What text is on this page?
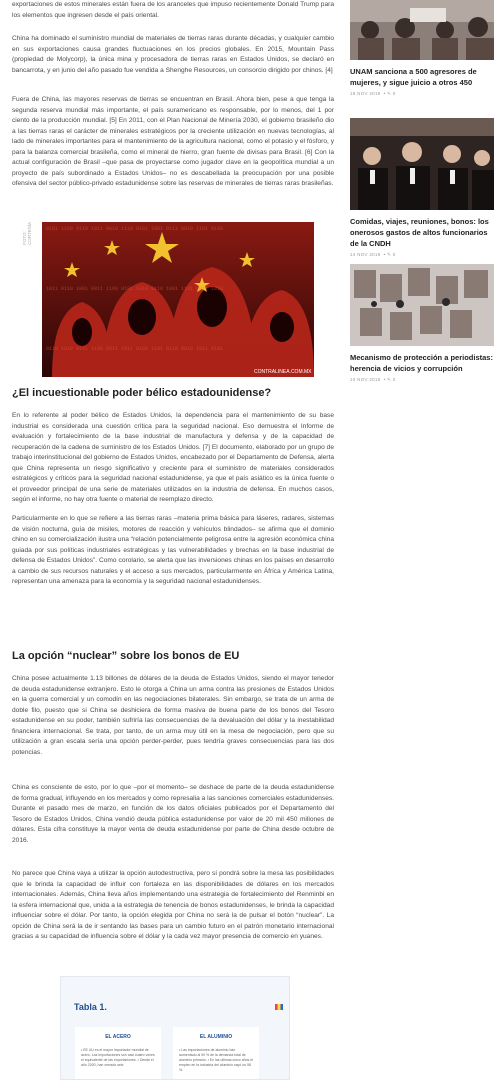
exportaciones de estos minerales están fuera de los aranceles que impuso recientemente Donald Trump para los elementos que ingresen desde el país oriental.

China ha dominado el suministro mundial de materiales de tierras raras durante décadas, y cualquier cambio en sus exportaciones causa grandes fluctuaciones en los precios globales. En 2015, Mountain Pass (propiedad de Molycorp), la única mina y procesadora de tierras raras en Estados Unidos, se declaró en bancarrota, y en junio del año pasado fue vendida a Shenghe Resources, un consorcio dirigido por chinos. [4]

Fuera de China, las mayores reservas de tierras se encuentran en Brasil. Ahora bien, pese a que tenga la segunda reserva mundial más importante, el país suramericano es responsable, por lo menos, del 1 por ciento de la producción mundial. [5] En 2011, con el Plan Nacional de Minería 2030, el gobierno brasileño dio a las tierras raras el carácter de minerales estratégicos por la creciente utilización en nuevas tecnologías, al lado de minerales importantes para el mantenimiento de la agricultura nacional, como el potasio y el fósforo, y para la balanza comercial brasileña, como el mineral de hierro, gran fuente de divisas para Brasil. [6] Con la actual configuración de Brasil –que pasa de proyectarse como jugador clave en la geopolítica mundial a un proyecto de país subordinado a Estados Unidos– no es descabellada la preocupación por una posible ofensiva del sector público-privado estadunidense sobre las reservas de minerales de tierras raras brasileñas.

0101 1100 0110 1011 0010 1110 0101 1001 0111 0010 1101 0100
1011 0110 1001 0011 1100 0101 1010 0110 1001 1101 0011 1010
0110 1010 0101 1100 0011 1011 0100 1101 0110 0010 1011 0101
CONTRALINEA.COM.MX
FOTO: CORTESÍA
¿El incuestionable poder bélico estadounidense?

En lo referente al poder bélico de Estados Unidos, la dependencia para el mantenimiento de su base industrial es considerada una cuestión crítica para la seguridad nacional. Eso demuestra el Informe de evaluación y fortalecimiento de la base industrial de manufactura y defensa y de la capacidad de recuperación de la cadena de suministro de los Estados Unidos. [7] El documento, elaborado por un grupo de trabajo interinstitucional del gobierno de Estados Unidos, encabezado por el Departamento de Defensa, alerta que China representa un riesgo significativo y creciente para el suministro de materiales considerados estratégicos y críticos para la seguridad nacional estadunidense, ya que el país asiático es la única fuente o el proveedor principal de una serie de materiales utilizados en la industria de defensa. En muchos casos, según el informe, no hay otra fuente o material de reemplazo directo.

Particularmente en lo que se refiere a las tierras raras –materia prima básica para láseres, radares, sistemas de visión nocturna, guía de misiles, motores de reacción y vehículos blindados– se afirma que el dominio chino en su comercialización ilustra una “relación potencialmente peligrosa entre la agresión económica china guiada por sus políticas industriales estratégicas y las vulnerabilidades y brechas en la base industrial de defensa de Estados Unidos”. Como corolario, se alerta que las inversiones chinas en los países en desarrollo a cambio de sus recursos naturales y el acceso a sus mercados, particularmente en África y América Latina, representan una amenaza para la economía y la seguridad nacional estadunidenses.

La opción “nuclear” sobre los bonos de EU

China posee actualmente 1.13 billones de dólares de la deuda de Estados Unidos, siendo el mayor tenedor de deuda estadunidense extranjero. Esto le otorga a China un arma contra las presiones de Estados Unidos en la guerra comercial y un comodín en las negociaciones bilaterales. Sin embargo, se trata de un arma de doble filo, puesto que si China se deshiciera de forma masiva de buena parte de los bonos del Tesoro estadunidense en su poder, también sufriría las consecuencias de la devaluación del dólar y la inestabilidad financiera internacional. Se trata, por tanto, de un arma muy útil en la mesa de negociación, pero que su utilización a gran escala sería una opción perder-perder, pues tendría graves consecuencias para las dos potencias.

China es consciente de esto, por lo que –por el momento– se deshace de parte de la deuda estadunidense de forma gradual, influyendo en los mercados y como represalia a las sanciones comerciales estadunidenses. Durante el pasado mes de marzo, en función de los datos oficiales publicados por el Departamento del Tesoro de Estados Unidos, China vendió deuda pública estadunidense por valor de 20 mil 450 millones de dólares. Esta cifra constituye la mayor venta de deuda estadunidense por parte de China desde octubre de 2016.

No parece que China vaya a utilizar la opción autodestructiva, pero sí pondrá sobre la mesa las posibilidades que le brinda la capacidad de influir con fortaleza en las disponibilidades de dólares en los mercados internacionales. Además, China lleva años implementando una estrategia de fortalecimiento del Renminbi en la esfera internacional que, unida a la estrategia de tenencia de bonos estadunidenses, le brinda la capacidad influenciar sobre el dólar. Por tanto, la opción elegida por China no será la de pulsar el botón “nuclear”. La opción de China será la de ir sentando las bases para un cambio futuro en el patrón monetario internacional gracias a su capacidad de influencia sobre el dólar y la cada vez mayor presencia de comercio en yuanes.

Tabla 1.
EL ACERO
• EE UU es el mayor importador mundial de acero. Las importaciones son casi cuatro veces el equivalente de las exportaciones. • Desde el año 2000, han cerrado seis
EL ALUMINIO
• Las importaciones de aluminio han aumentado al 90 % de la demanda total de aluminio primario. • En las últimas cinco años el empleo en la industria del aluminio cayó un 58 %.
UNAM sanciona a 500 agresores de mujeres, y sigue juicio a otros 450
18 NOV 2019  • ✎ 0
Comidas, viajes, reuniones, bonos: los onerosos gastos de altos funcionarios de la CNDH
14 NOV 2019  • ✎ 0
Mecanismo de protección a periodistas: herencia de vicios y corrupción
10 NOV 2019  • ✎ 0
